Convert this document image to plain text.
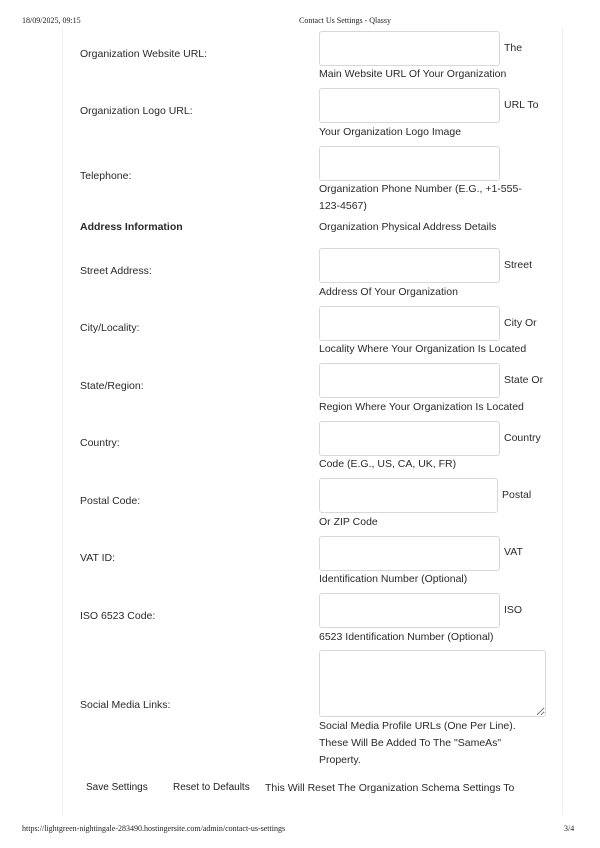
18/09/2025, 09:15	Contact Us Settings - Qlassy
Organization Website URL:	The
Main Website URL Of Your Organization
Organization Logo URL:	URL To
Your Organization Logo Image
Telephone:
Organization Phone Number (E.G., +1-555-123-4567)
Address Information	Organization Physical Address Details
Street Address:	Street
Address Of Your Organization
City/Locality:	City Or
Locality Where Your Organization Is Located
State/Region:	State Or
Region Where Your Organization Is Located
Country:	Country
Code (E.G., US, CA, UK, FR)
Postal Code:	Postal
Or ZIP Code
VAT ID:	VAT
Identification Number (Optional)
ISO 6523 Code:	ISO
6523 Identification Number (Optional)
Social Media Links:
Social Media Profile URLs (One Per Line). These Will Be Added To The "SameAs" Property.
Save Settings	Reset to Defaults This Will Reset The Organization Schema Settings To
https://lightgreen-nightingale-283490.hostingersite.com/admin/contact-us-settings	3/4
